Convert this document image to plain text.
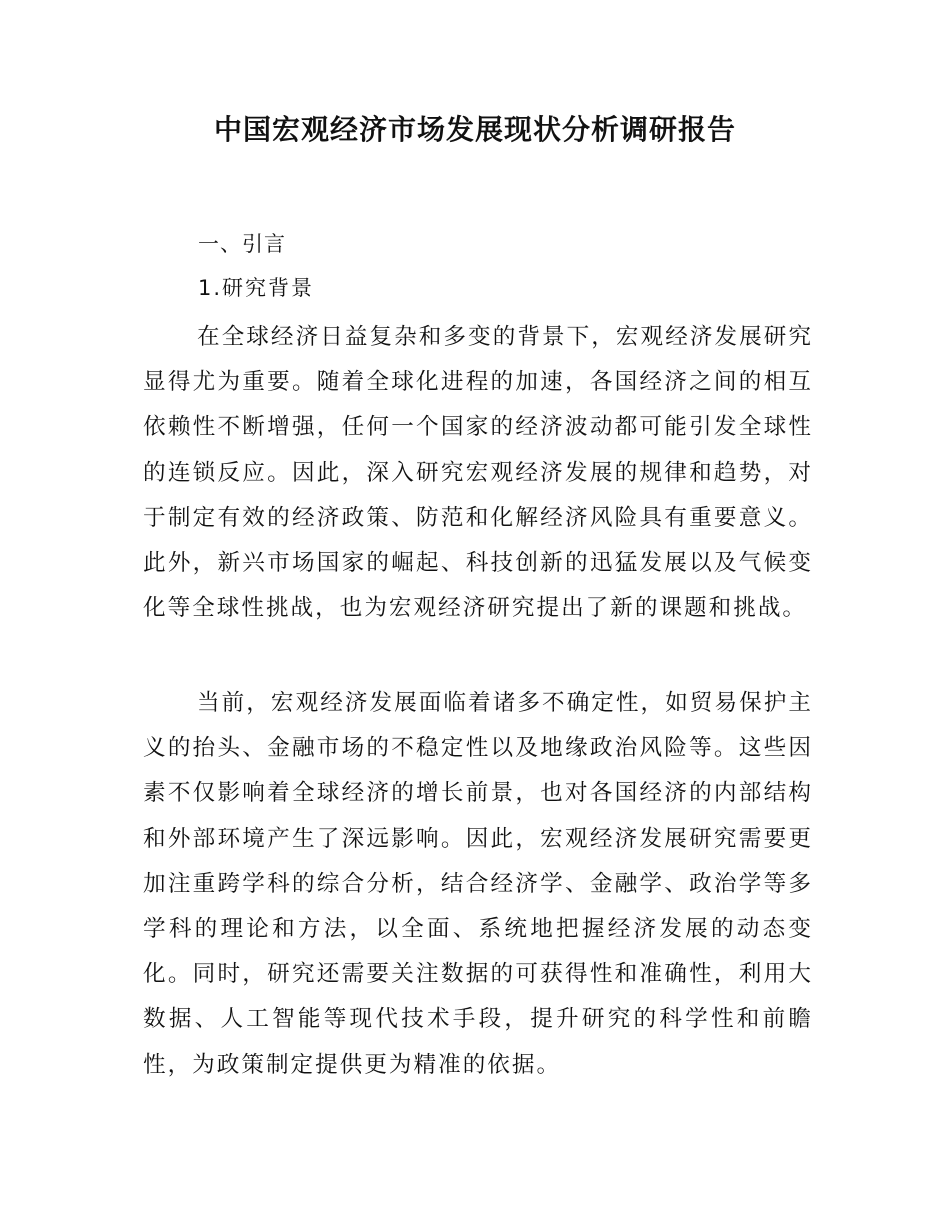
中国宏观经济市场发展现状分析调研报告
一、引言
1.研究背景

在全球经济日益复杂和多变的背景下，宏观经济发展研究显得尤为重要。随着全球化进程的加速，各国经济之间的相互依赖性不断增强，任何一个国家的经济波动都可能引发全球性的连锁反应。因此，深入研究宏观经济发展的规律和趋势，对于制定有效的经济政策、防范和化解经济风险具有重要意义。此外，新兴市场国家的崛起、科技创新的迅猛发展以及气候变化等全球性挑战，也为宏观经济研究提出了新的课题和挑战。

当前，宏观经济发展面临着诸多不确定性，如贸易保护主义的抬头、金融市场的不稳定性以及地缘政治风险等。这些因素不仅影响着全球经济的增长前景，也对各国经济的内部结构和外部环境产生了深远影响。因此，宏观经济发展研究需要更加注重跨学科的综合分析，结合经济学、金融学、政治学等多学科的理论和方法，以全面、系统地把握经济发展的动态变化。同时，研究还需要关注数据的可获得性和准确性，利用大数据、人工智能等现代技术手段，提升研究的科学性和前瞻性，为政策制定提供更为精准的依据。
